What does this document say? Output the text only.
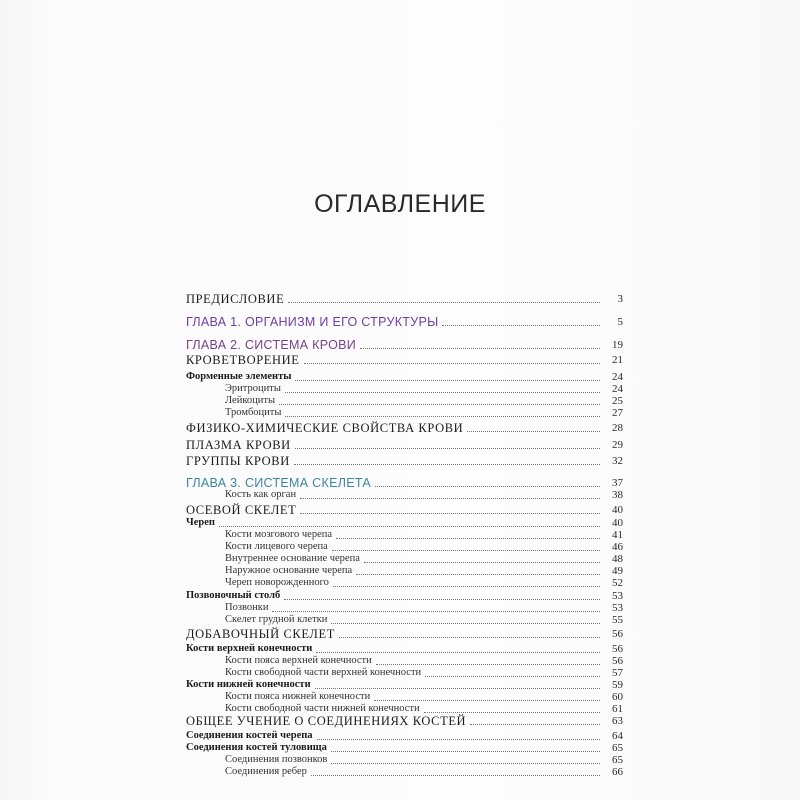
ОГЛАВЛЕНИЕ
ПРЕДИСЛОВИЕ	3
ГЛАВА 1. ОРГАНИЗМ И ЕГО СТРУКТУРЫ	5
ГЛАВА 2. СИСТЕМА КРОВИ	19
КРОВЕТВОРЕНИЕ	21
Форменные элементы	24
Эритроциты	24
Лейкоциты	25
Тромбоциты	27
ФИЗИКО-ХИМИЧЕСКИЕ СВОЙСТВА КРОВИ	28
ПЛАЗМА КРОВИ	29
ГРУППЫ КРОВИ	32
ГЛАВА 3. СИСТЕМА СКЕЛЕТА	37
Кость как орган	38
ОСЕВОЙ СКЕЛЕТ	40
Череп	40
Кости мозгового черепа	41
Кости лицевого черепа	46
Внутреннее основание черепа	48
Наружное основание черепа	49
Череп новорожденного	52
Позвоночный столб	53
Позвонки	53
Скелет грудной клетки	55
ДОБАВОЧНЫЙ СКЕЛЕТ	56
Кости верхней конечности	56
Кости пояса верхней конечности	56
Кости свободной части верхней конечности	57
Кости нижней конечности	59
Кости пояса нижней конечности	60
Кости свободной части нижней конечности	61
ОБЩЕЕ УЧЕНИЕ О СОЕДИНЕНИЯХ КОСТЕЙ	63
Соединения костей черепа	64
Соединения костей туловища	65
Соединения позвонков	65
Соединения ребер	66
